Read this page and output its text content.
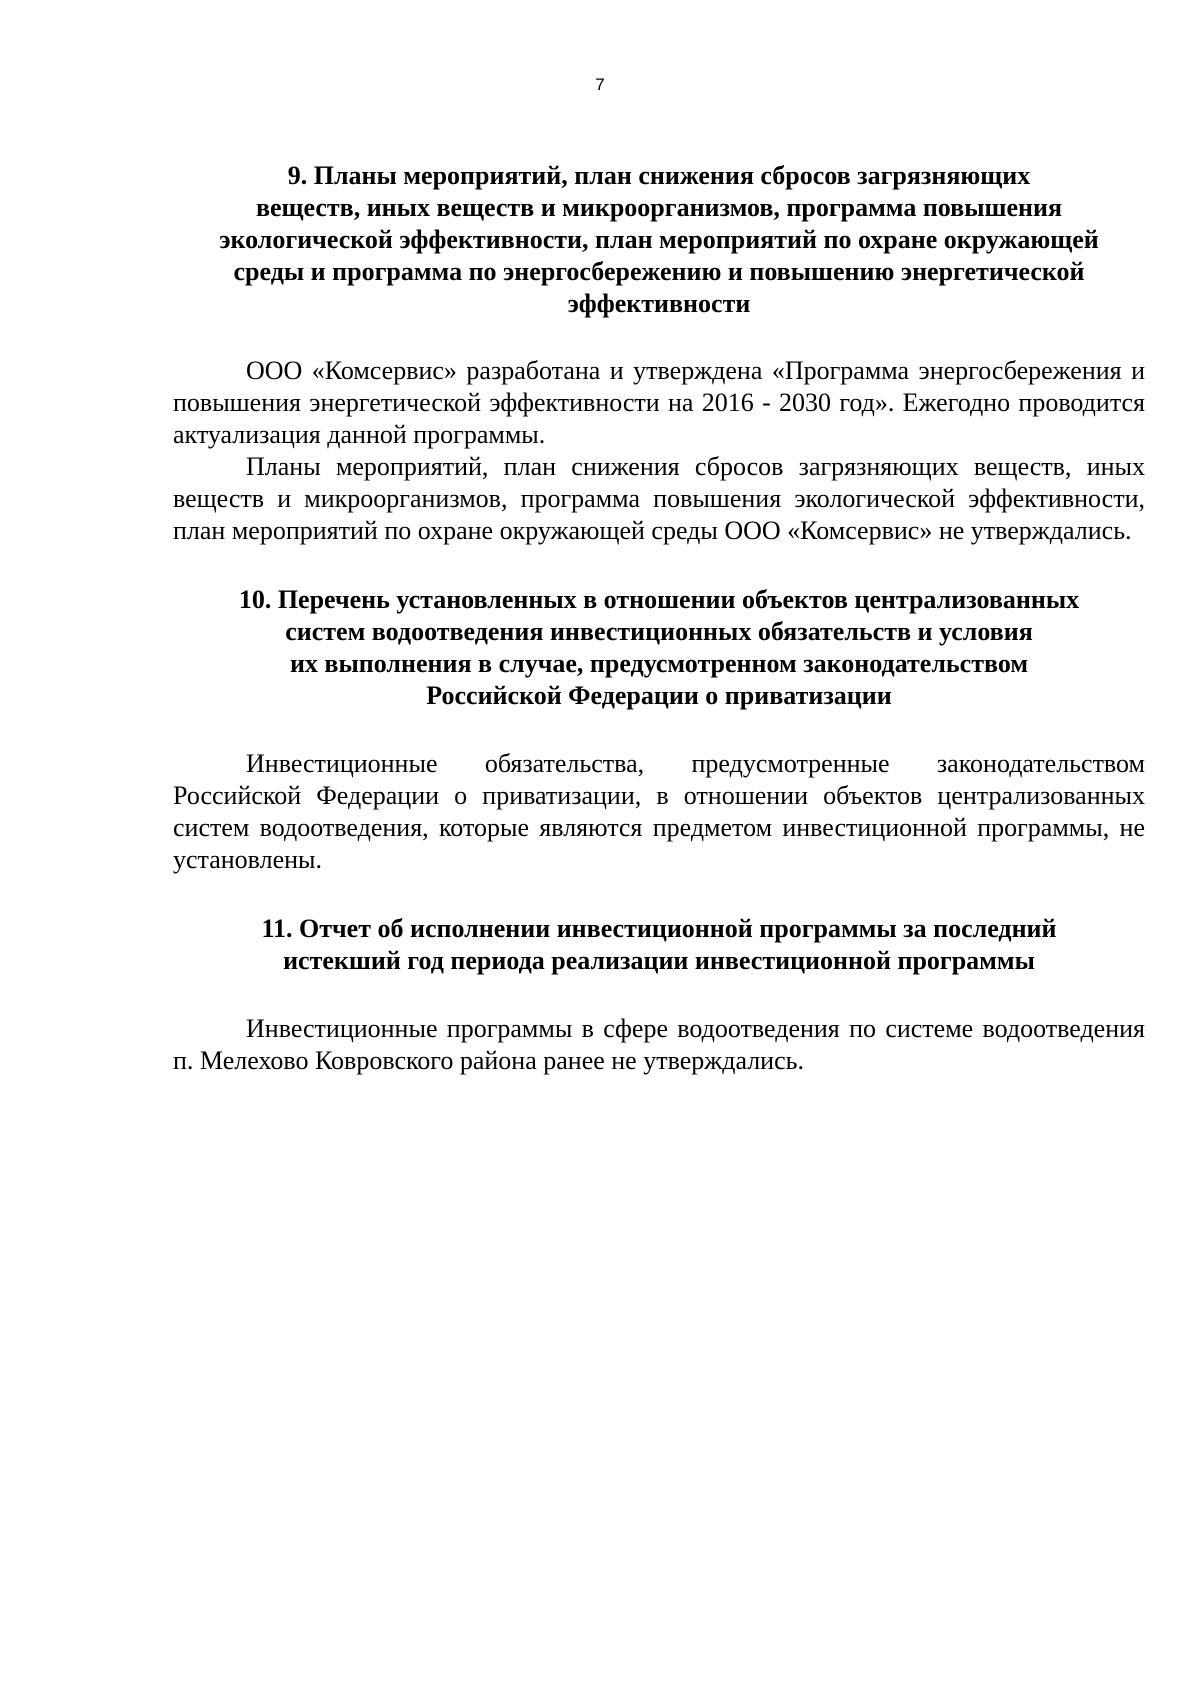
7
9. Планы мероприятий, план снижения сбросов загрязняющих
веществ, иных веществ и микроорганизмов, программа повышения
экологической эффективности, план мероприятий по охране окружающей
среды и программа по энергосбережению и повышению энергетической
эффективности

ООО «Комсервис» разработана и утверждена «Программа энергосбережения и повышения энергетической эффективности на 2016 - 2030 год». Ежегодно проводится актуализация данной программы.

Планы мероприятий, план снижения сбросов загрязняющих веществ, иных веществ и микроорганизмов, программа повышения экологической эффективности, план мероприятий по охране окружающей среды ООО «Комсервис» не утверждались.

10. Перечень установленных в отношении объектов централизованных
систем водоотведения инвестиционных обязательств и условия
их выполнения в случае, предусмотренном законодательством
Российской Федерации о приватизации

Инвестиционные обязательства, предусмотренные законодательством Российской Федерации о приватизации, в отношении объектов централизованных систем водоотведения, которые являются предметом инвестиционной программы, не установлены.

11. Отчет об исполнении инвестиционной программы за последний
истекший год периода реализации инвестиционной программы

Инвестиционные программы в сфере водоотведения по системе водоотведения п. Мелехово Ковровского района ранее не утверждались.
